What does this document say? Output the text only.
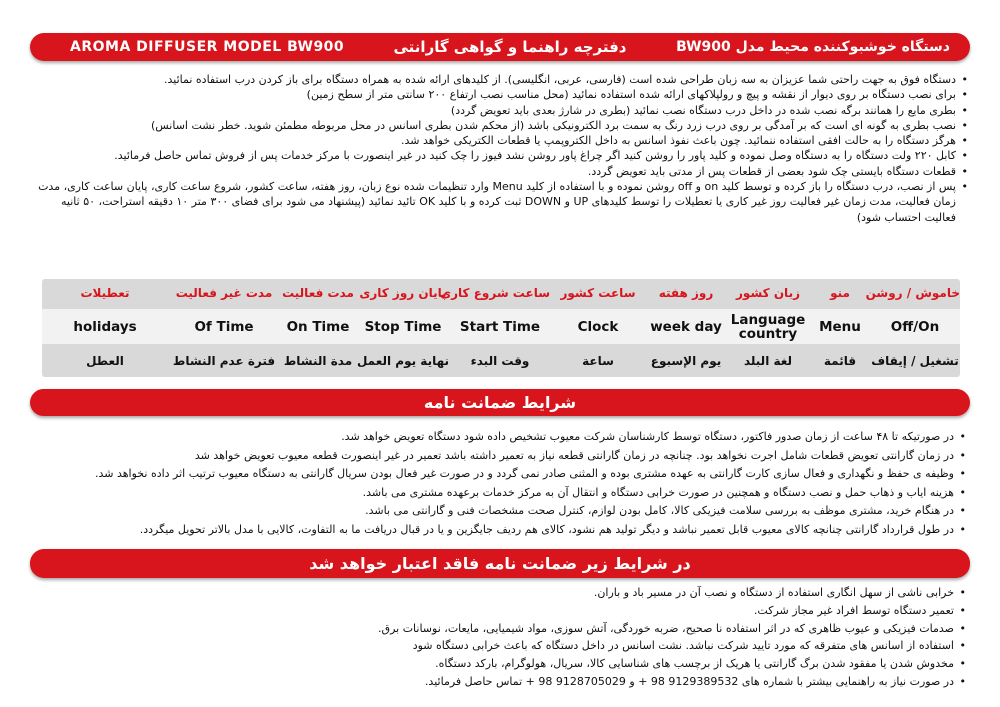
AROMA DIFFUSER MODEL BW900	دفترچه راهنما و گواهی گارانتی	دستگاه خوشبوکننده محیط مدل BW900
• دستگاه فوق به جهت راحتی شما عزیزان به سه زبان طراحی شده است (فارسی، عربی، انگلیسی). از کلیدهای ارائه شده به همراه دستگاه برای باز کردن درب استفاده نمائید.
• برای نصب دستگاه بر روی دیوار از نقشه و پیچ و رولپلاکهای ارائه شده استفاده نمائید (محل مناسب نصب ارتفاع ۲۰۰ سانتی متر از سطح زمین)
• بطری مایع را همانند برگه نصب شده در داخل درب دستگاه نصب نمائید (بطری در شارژ بعدی باید تعویض گردد)
• نصب بطری به گونه ای است که بر آمدگی بر روی درب زرد رنگ به سمت برد الکترونیکی باشد (از محکم شدن بطری اسانس در محل مربوطه مطمئن شوید. خطر نشت اسانس)
• هرگز دستگاه را به حالت افقی استفاده ننمائید. چون باعث نفوذ اسانس به داخل الکتروپمپ یا قطعات الکتریکی خواهد شد.
• کابل ۲۲۰ ولت دستگاه را به دستگاه وصل نموده و کلید پاور را روشن کنید اگر چراغ پاور روشن نشد فیوز را چک کنید در غیر اینصورت با مرکز خدمات پس از فروش تماس حاصل فرمائید.
• قطعات دستگاه بایستی چک شود بعضی از قطعات پس از مدتی باید تعویض گردد.
• پس از نصب، درب دستگاه را باز کرده و توسط کلید on و off روشن نموده و با استفاده از کلید Menu وارد تنظیمات شده نوع زبان، روز هفته، ساعت کشور، شروع ساعت کاری، پایان ساعت کاری، مدت زمان فعالیت، مدت زمان غیر فعالیت روز غیر کاری یا تعطیلات را توسط کلیدهای UP و DOWN ثبت کرده و با کلید OK تائید نمائید (پیشنهاد می شود برای فضای ۳۰۰ متر ۱۰ دقیقه استراحت، ۵۰ ثانیه فعالیت احتساب شود)
خاموش / روشن
Off/On
تشغیل / إیقاف
منو
Menu
قائمة
زبان کشور
Language country
لغة البلد
روز هفته
week day
یوم الإسبوع
ساعت کشور
Clock
ساعة
ساعت شروع کاری
Start Time
وقت البدء
پایان روز کاری
Stop Time
نهایة یوم العمل
مدت فعالیت
On Time
مدة النشاط
مدت غیر فعالیت
Of Time
فترة عدم النشاط
تعطیلات
holidays
العطل
شرایط ضمانت نامه
• در صورتیکه تا ۴۸ ساعت از زمان صدور فاکتور، دستگاه توسط کارشناسان شرکت معیوب تشخیص داده شود دستگاه تعویض خواهد شد.
• در زمان گارانتی تعویض قطعات شامل اجرت نخواهد بود. چنانچه در زمان گارانتی قطعه نیاز به تعمیر داشته باشد تعمیر در غیر اینصورت قطعه معیوب تعویض خواهد شد
• وظیفه ی حفظ و نگهداری و فعال سازی کارت گارانتی به عهده مشتری بوده و المثنی صادر نمی گردد و در صورت غیر فعال بودن سریال گارانتی به دستگاه معیوب ترتیب اثر داده نخواهد شد.
• هزینه ایاب و ذهاب حمل و نصب دستگاه و همچنین در صورت خرابی دستگاه و انتقال آن به مرکز خدمات برعهده مشتری می باشد.
• در هنگام خرید، مشتری موظف به بررسی سلامت فیزیکی کالا، کامل بودن لوازم، کنترل صحت مشخصات فنی و گارانتی می باشد.
• در طول قرارداد گارانتی چنانچه کالای معیوب قابل تعمیر نباشد و دیگر تولید هم نشود، کالای هم ردیف جایگزین و یا در قبال دریافت ما به التفاوت، کالایی با مدل بالاتر تحویل میگردد.
در شرایط زیر ضمانت نامه فاقد اعتبار خواهد شد
• خرابی ناشی از سهل انگاری استفاده از دستگاه و نصب آن در مسیر باد و باران.
• تعمیر دستگاه توسط افراد غیر مجاز شرکت.
• صدمات فیزیکی و عیوب ظاهری که در اثر استفاده نا صحیح، ضربه خوردگی، آتش سوزی، مواد شیمیایی، مایعات، نوسانات برق.
• استفاده از اسانس های متفرقه که مورد تایید شرکت نباشد. نشت اسانس در داخل دستگاه که باعث خرابی دستگاه شود
• مخدوش شدن یا مفقود شدن برگ گارانتی یا هریک از برچسب های شناسایی کالا، سریال، هولوگرام، بارکد دستگاه.
• در صورت نیاز به راهنمایی بیشتر با شماره های 9129389532 98 + و 9128705029 98 + تماس حاصل فرمائید.
